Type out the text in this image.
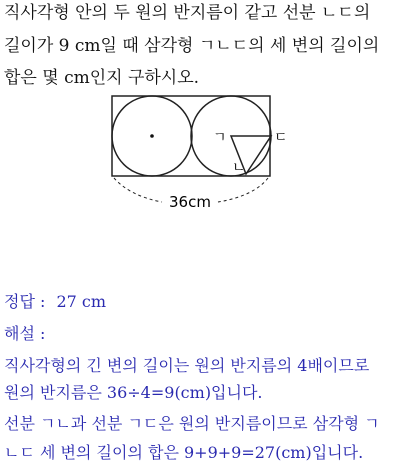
직사각형 안의 두 원의 반지름이 같고 선분 ㄴㄷ의
길이가 9 cm일 때 삼각형 ㄱㄴㄷ의 세 변의 길이의
합은 몇 cm인지 구하시오.
ㄱ	ㄷ
ㄴ
36cm
정답 : 27 cm
해설 :
직사각형의 긴 변의 길이는 원의 반지름의 4배이므로
원의 반지름은 36÷4=9(cm)입니다.
선분 ㄱㄴ과 선분 ㄱㄷ은 원의 반지름이므로 삼각형 ㄱ
ㄴㄷ 세 변의 길이의 합은 9+9+9=27(cm)입니다.
